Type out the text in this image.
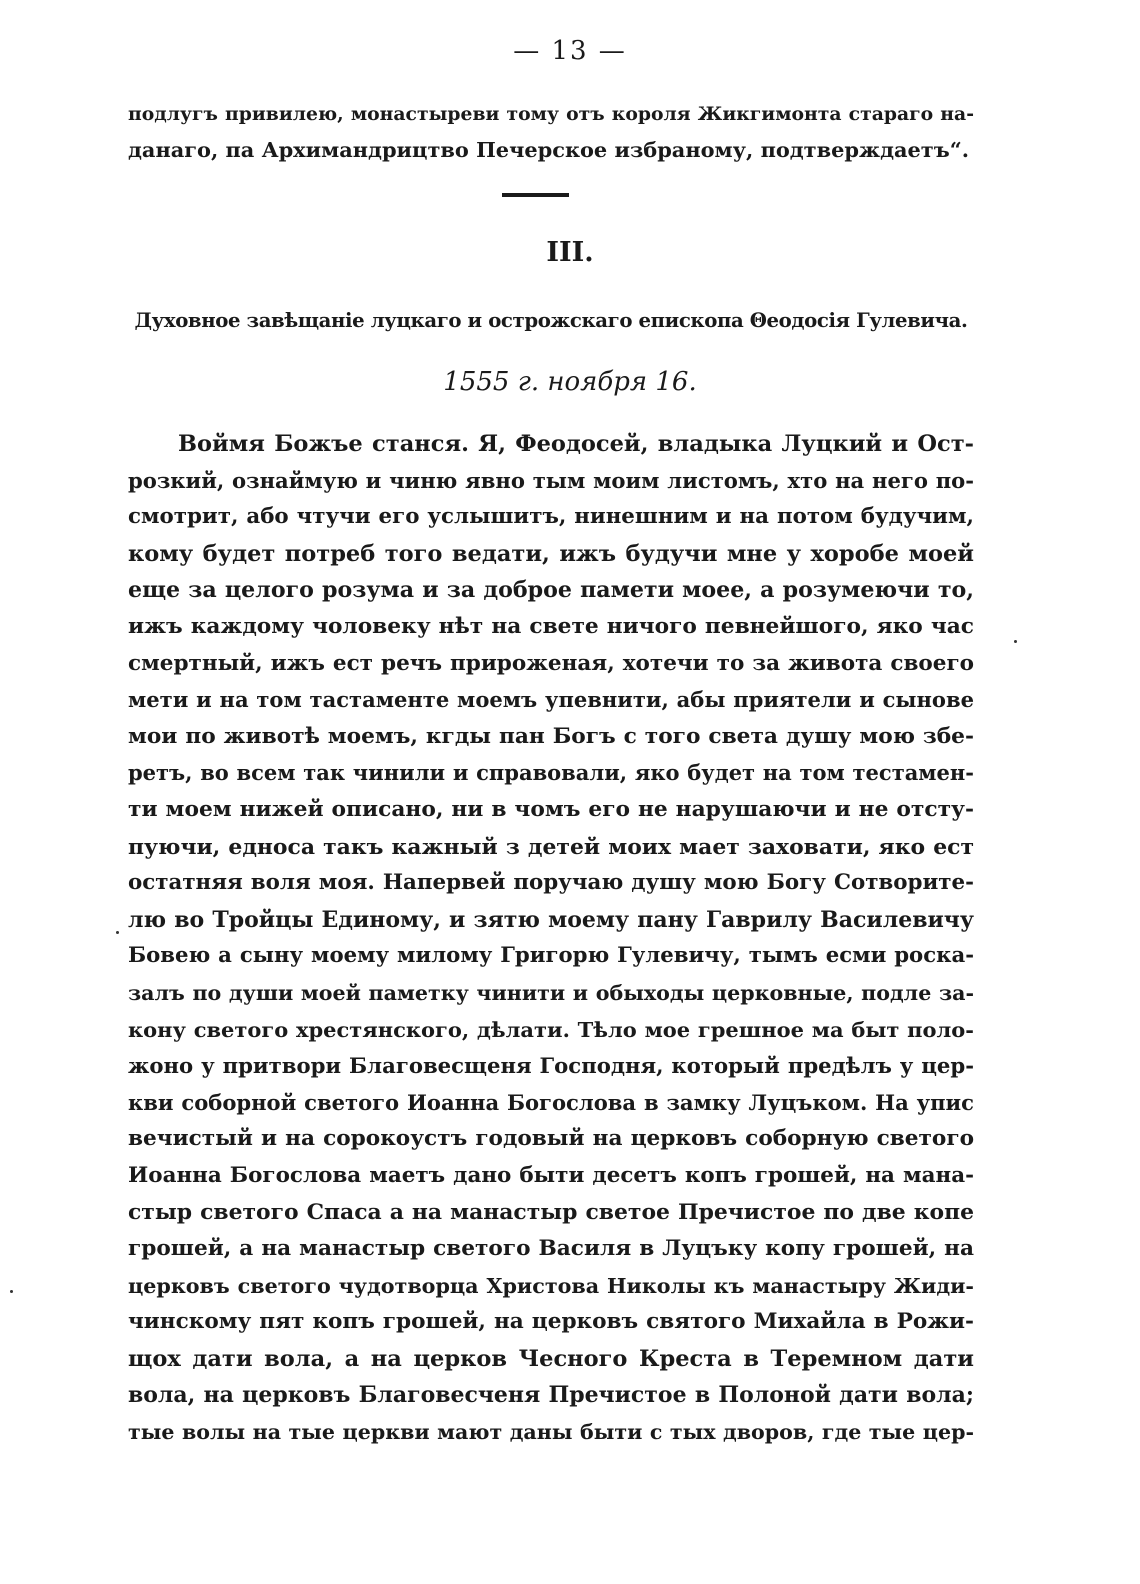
— 13 —
подлугъ привилею, монастыреви тому отъ короля Жикгимонта стараго на-
данаго, па Архимандрицтво Печерское избраному, подтверждаетъ“.
III.
Духовное завѣщаніе луцкаго и острожскаго епископа Θеодосія Гулевича.
1555 г. ноября 16.
Воймя Божъе станся. Я, Феодосей, владыка Луцкий и Ост-
розкий, ознаймую и чиню явно тым моим листомъ, хто на него по-
смотрит, або чтучи его услышитъ, нинешним и на потом будучим,
кому будет потреб того ведати, ижъ будучи мне у хоробе моей
еще за целого розума и за доброе памети моее, а розумеючи то,
ижъ каждому чоловеку нѣт на свете ничого певнейшого, яко час
смертный, ижъ ест речъ прироженая, хотечи то за живота своего
мети и на том тастаменте моемъ упевнити, абы приятели и сынове
мои по животѣ моемъ, кгды пан Богъ с того света душу мою збе-
ретъ, во всем так чинили и справовали, яко будет на том тестамен-
ти моем нижей описано, ни в чомъ его не нарушаючи и не отсту-
пуючи, едноса такъ кажный з детей моих мает заховати, яко ест
остатняя воля моя. Напервей поручаю душу мою Богу Сотворите-
лю во Тройцы Единому, и зятю моему пану Гаврилу Василевичу
Бовею а сыну моему милому Григорю Гулевичу, тымъ есми роска-
залъ по души моей паметку чинити и обыходы церковные, подле за-
кону светого хрестянского, дѣлати. Тѣло мое грешное ма быт поло-
жоно у притвори Благовесщеня Господня, который предѣлъ у цер-
кви соборной светого Иоанна Богослова в замку Луцъком. На упис
вечистый и на сорокоустъ годовый на церковъ соборную светого
Иоанна Богослова маетъ дано быти десетъ копъ грошей, на мана-
стыр светого Спаса а на манастыр светое Пречистое по две копе
грошей, а на манастыр светого Василя в Луцъку копу грошей, на
церковъ светого чудотворца Христова Николы къ манастыру Жиди-
чинскому пят копъ грошей, на церковъ святого Михайла в Рожи-
щох дати вола, а на церков Чесного Креста в Теремном дати
вола, на церковъ Благовесченя Пречистое в Полоной дати вола;
тые волы на тые церкви мают даны быти с тых дворов, где тые цер-
